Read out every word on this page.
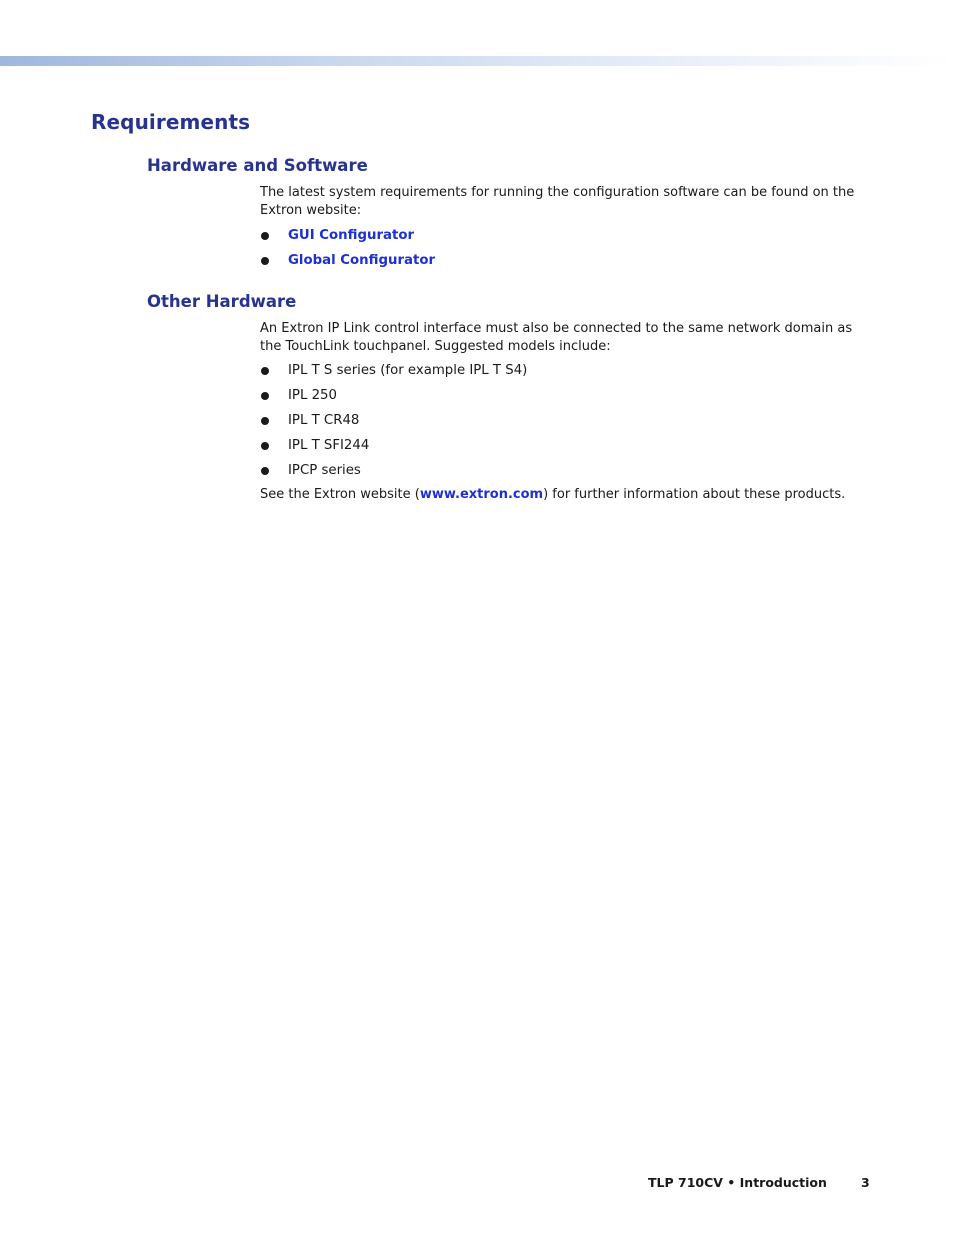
Requirements
Hardware and Software

The latest system requirements for running the configuration software can be found on the Extron website:

GUI Configurator
Global Configurator
Other Hardware

An Extron IP Link control interface must also be connected to the same network domain as the TouchLink touchpanel. Suggested models include:

IPL T S series (for example IPL T S4)
IPL 250
IPL T CR48
IPL T SFI244
IPCP series

See the Extron website (www.extron.com) for further information about these products.

TLP 710CV • Introduction	3
